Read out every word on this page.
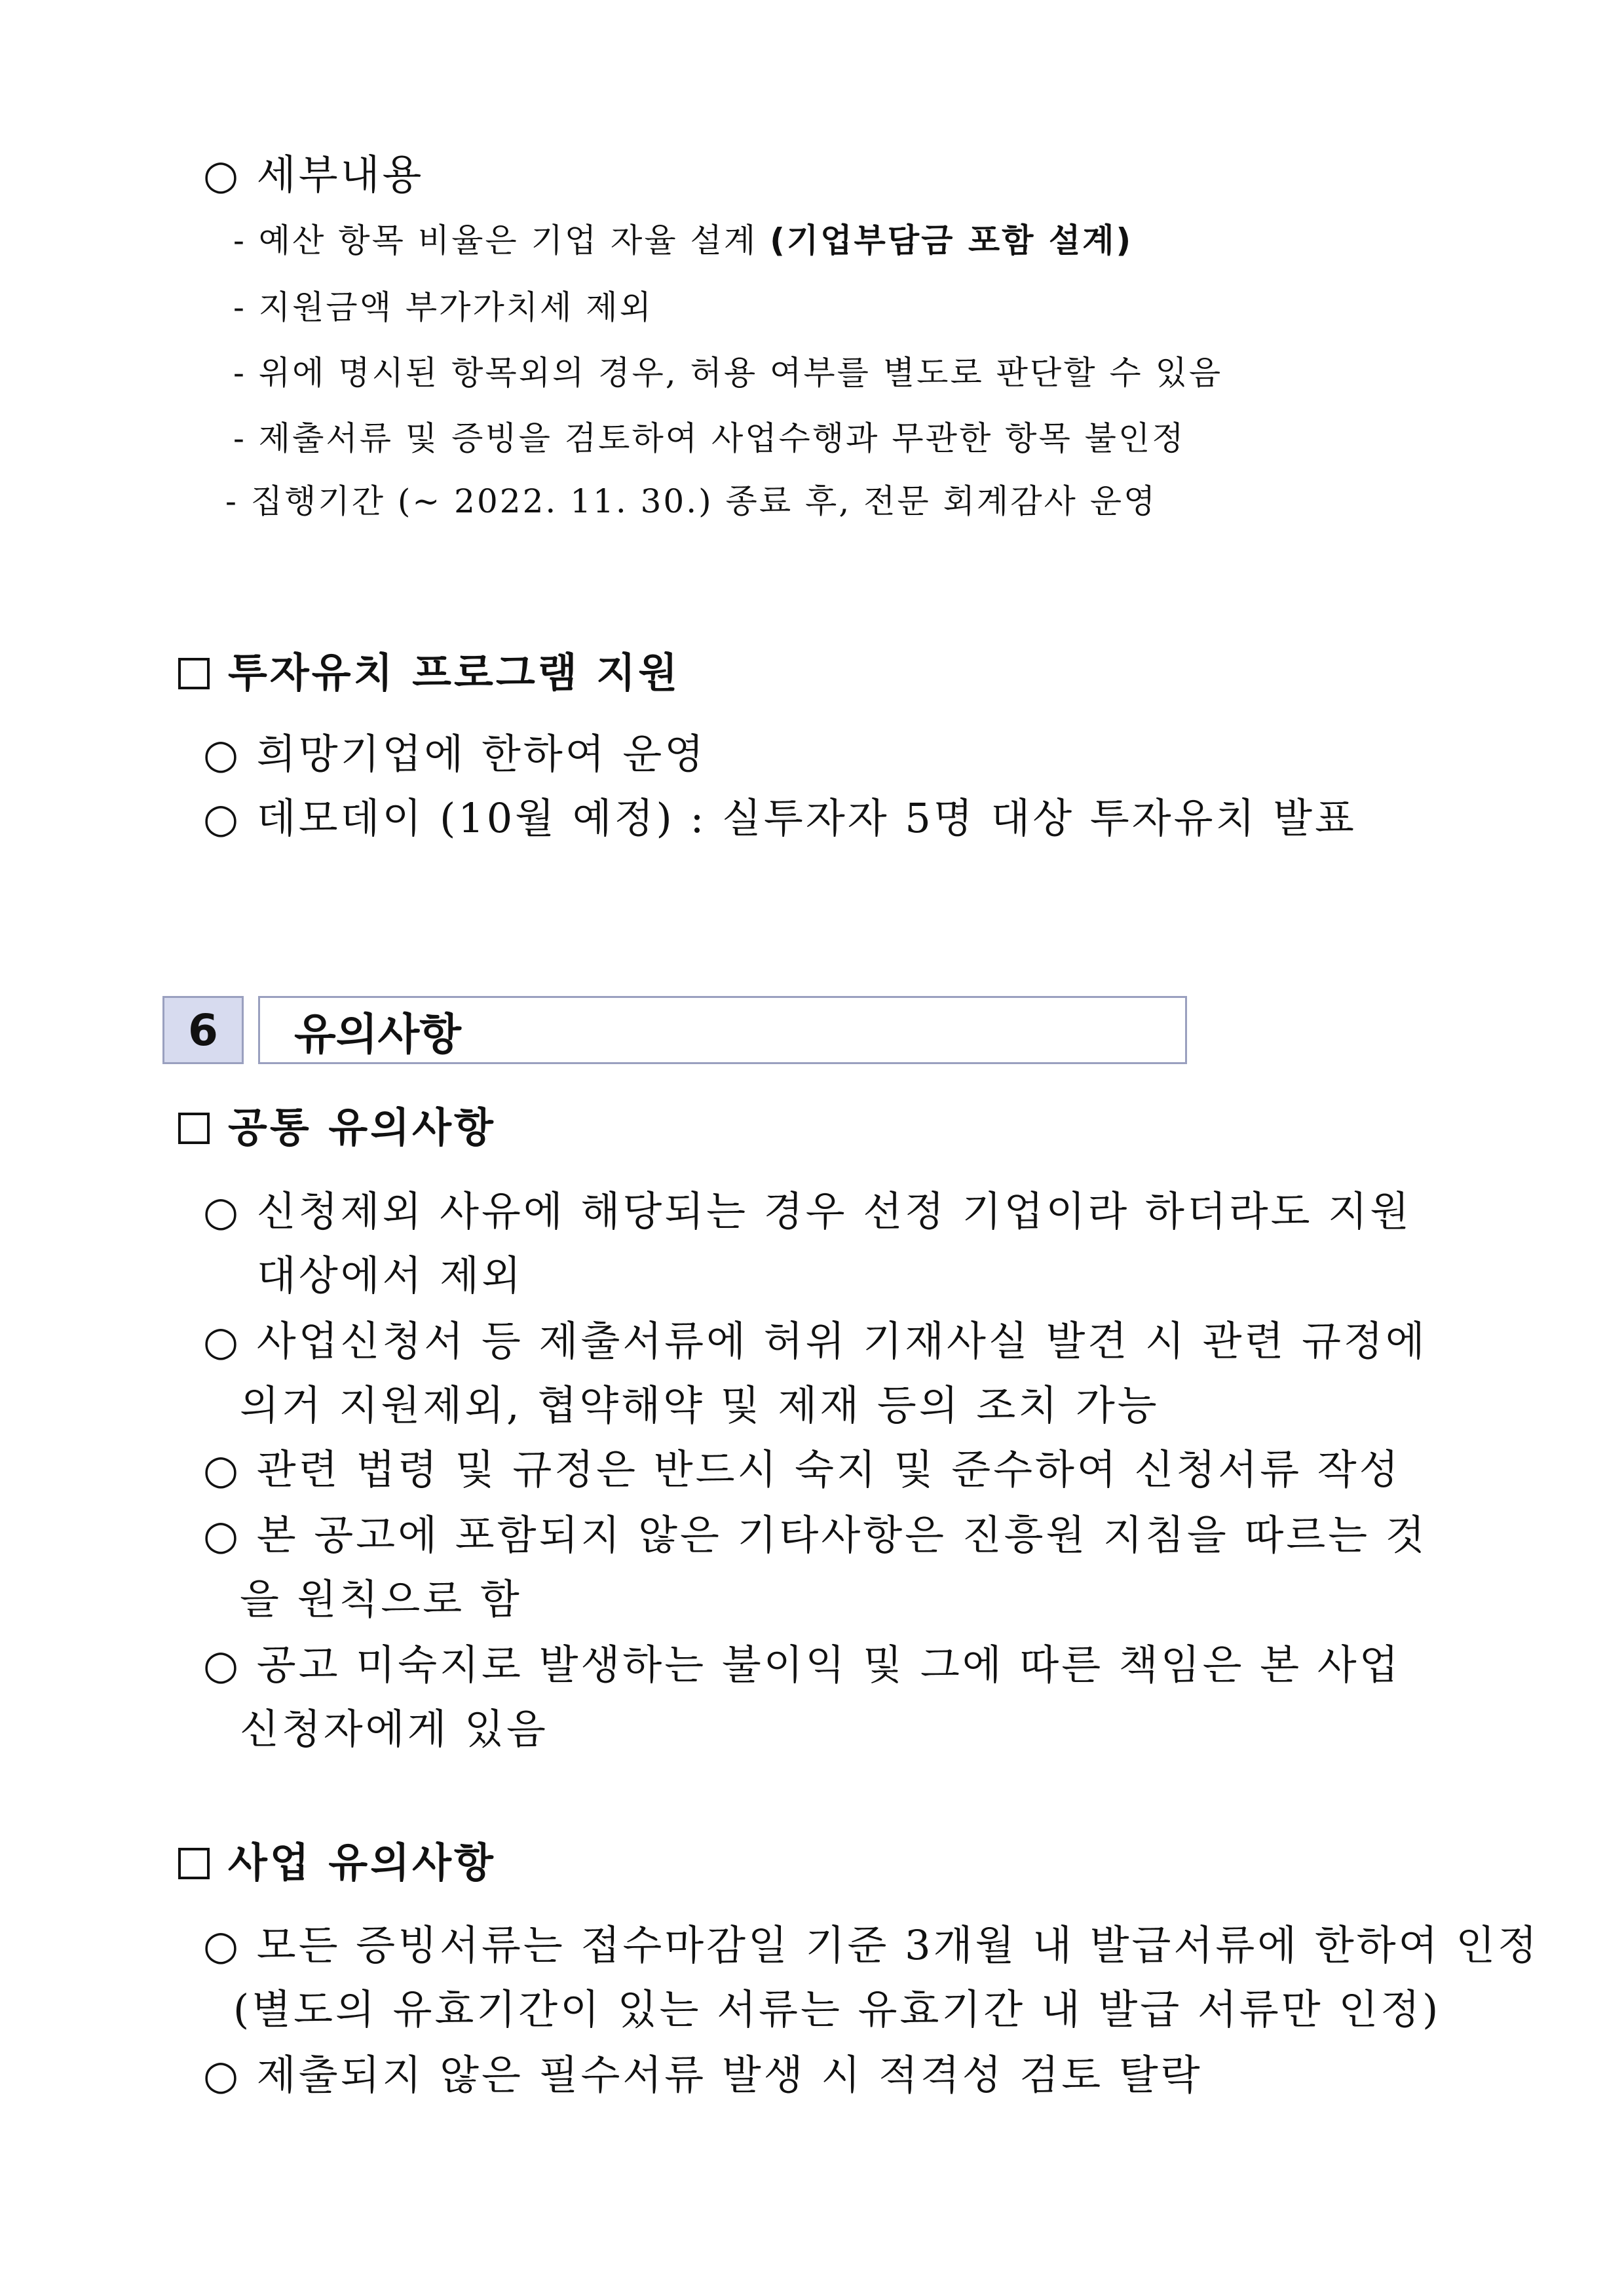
○ 세부내용
- 예산 항목 비율은 기업 자율 설계 (기업부담금 포함 설계)
- 지원금액 부가가치세 제외
- 위에 명시된 항목외의 경우, 허용 여부를 별도로 판단할 수 있음
- 제출서류 및 증빙을 검토하여 사업수행과 무관한 항목 불인정
- 집행기간 (~ 2022. 11. 30.) 종료 후, 전문 회계감사 운영
투자유치 프로그램 지원
○ 희망기업에 한하여 운영
○ 데모데이 (10월 예정) : 실투자자 5명 대상 투자유치 발표
6	유의사항
공통 유의사항
○ 신청제외 사유에 해당되는 경우 선정 기업이라 하더라도 지원
대상에서 제외
○ 사업신청서 등 제출서류에 허위 기재사실 발견 시 관련 규정에
의거 지원제외, 협약해약 및 제재 등의 조치 가능
○ 관련 법령 및 규정은 반드시 숙지 및 준수하여 신청서류 작성
○ 본 공고에 포함되지 않은 기타사항은 진흥원 지침을 따르는 것
을 원칙으로 함
○ 공고 미숙지로 발생하는 불이익 및 그에 따른 책임은 본 사업
신청자에게 있음
사업 유의사항
○ 모든 증빙서류는 접수마감일 기준 3개월 내 발급서류에 한하여 인정
(별도의 유효기간이 있는 서류는 유효기간 내 발급 서류만 인정)
○ 제출되지 않은 필수서류 발생 시 적격성 검토 탈락
